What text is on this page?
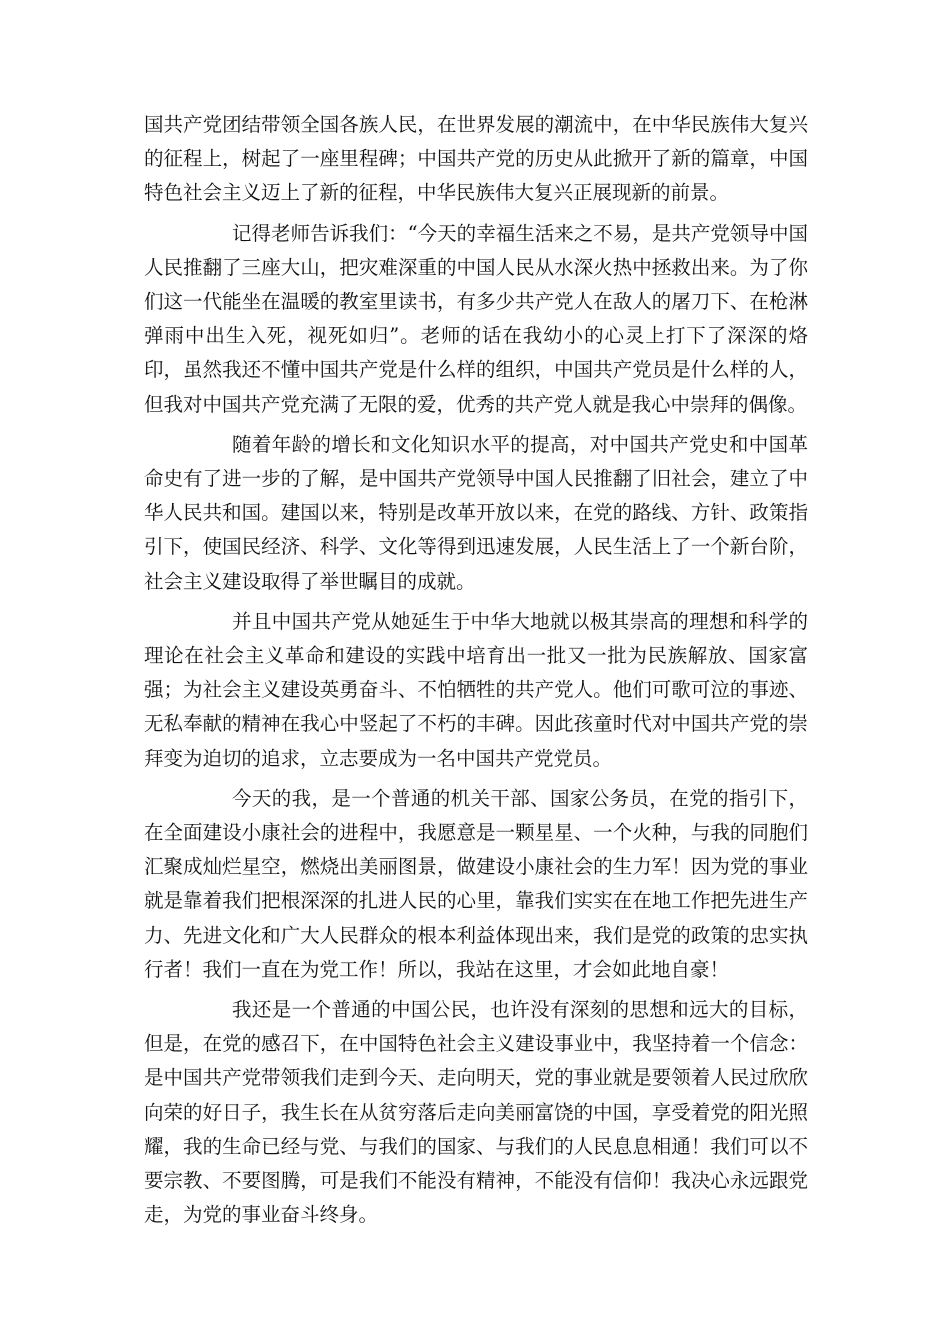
国共产党团结带领全国各族人民，在世界发展的潮流中，在中华民族伟大复兴的征程上，树起了一座里程碑；中国共产党的历史从此掀开了新的篇章，中国特色社会主义迈上了新的征程，中华民族伟大复兴正展现新的前景。

记得老师告诉我们：“今天的幸福生活来之不易，是共产党领导中国人民推翻了三座大山，把灾难深重的中国人民从水深火热中拯救出来。为了你们这一代能坐在温暖的教室里读书，有多少共产党人在敌人的屠刀下、在枪淋弹雨中出生入死，视死如归”。老师的话在我幼小的心灵上打下了深深的烙印，虽然我还不懂中国共产党是什么样的组织，中国共产党员是什么样的人，但我对中国共产党充满了无限的爱，优秀的共产党人就是我心中崇拜的偶像。

随着年龄的增长和文化知识水平的提高，对中国共产党史和中国革命史有了进一步的了解，是中国共产党领导中国人民推翻了旧社会，建立了中华人民共和国。建国以来，特别是改革开放以来，在党的路线、方针、政策指引下，使国民经济、科学、文化等得到迅速发展，人民生活上了一个新台阶，社会主义建设取得了举世瞩目的成就。

并且中国共产党从她延生于中华大地就以极其崇高的理想和科学的理论在社会主义革命和建设的实践中培育出一批又一批为民族解放、国家富强；为社会主义建设英勇奋斗、不怕牺牲的共产党人。他们可歌可泣的事迹、无私奉献的精神在我心中竖起了不朽的丰碑。因此孩童时代对中国共产党的崇拜变为迫切的追求，立志要成为一名中国共产党党员。

今天的我，是一个普通的机关干部、国家公务员，在党的指引下，在全面建设小康社会的进程中，我愿意是一颗星星、一个火种，与我的同胞们汇聚成灿烂星空，燃烧出美丽图景，做建设小康社会的生力军！因为党的事业就是靠着我们把根深深的扎进人民的心里，靠我们实实在在地工作把先进生产力、先进文化和广大人民群众的根本利益体现出来，我们是党的政策的忠实执行者！我们一直在为党工作！所以，我站在这里，才会如此地自豪！

我还是一个普通的中国公民，也许没有深刻的思想和远大的目标，但是，在党的感召下，在中国特色社会主义建设事业中，我坚持着一个信念：是中国共产党带领我们走到今天、走向明天，党的事业就是要领着人民过欣欣向荣的好日子，我生长在从贫穷落后走向美丽富饶的中国，享受着党的阳光照耀，我的生命已经与党、与我们的国家、与我们的人民息息相通！我们可以不要宗教、不要图腾，可是我们不能没有精神，不能没有信仰！我决心永远跟党走，为党的事业奋斗终身。
